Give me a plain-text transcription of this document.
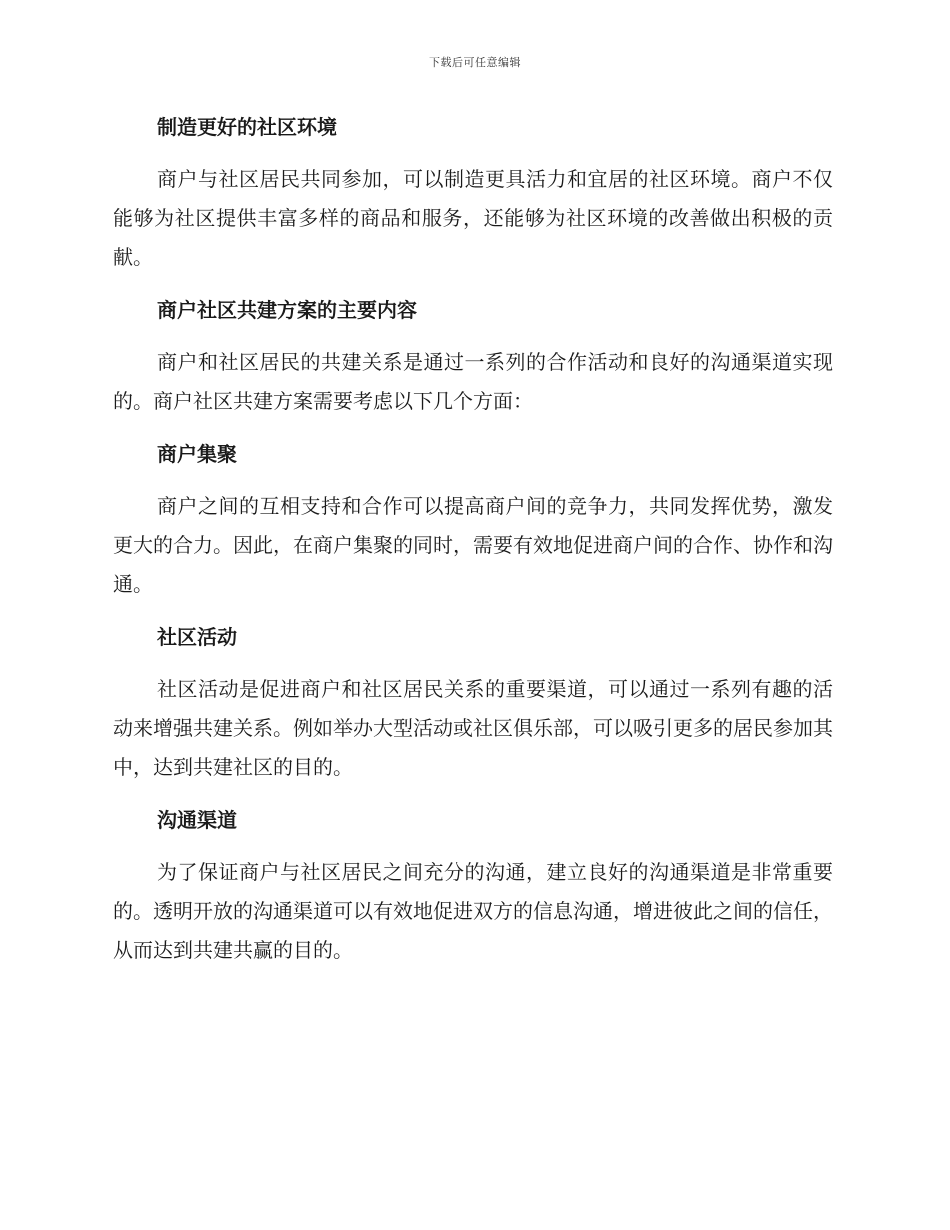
下载后可任意编辑
制造更好的社区环境

商户与社区居民共同参加，可以制造更具活力和宜居的社区环境。商户不仅能够为社区提供丰富多样的商品和服务，还能够为社区环境的改善做出积极的贡献。

商户社区共建方案的主要内容

商户和社区居民的共建关系是通过一系列的合作活动和良好的沟通渠道实现的。商户社区共建方案需要考虑以下几个方面：

商户集聚

商户之间的互相支持和合作可以提高商户间的竞争力，共同发挥优势，激发更大的合力。因此，在商户集聚的同时，需要有效地促进商户间的合作、协作和沟通。

社区活动

社区活动是促进商户和社区居民关系的重要渠道，可以通过一系列有趣的活动来增强共建关系。例如举办大型活动或社区俱乐部，可以吸引更多的居民参加其中，达到共建社区的目的。

沟通渠道

为了保证商户与社区居民之间充分的沟通，建立良好的沟通渠道是非常重要的。透明开放的沟通渠道可以有效地促进双方的信息沟通，增进彼此之间的信任，从而达到共建共赢的目的。
